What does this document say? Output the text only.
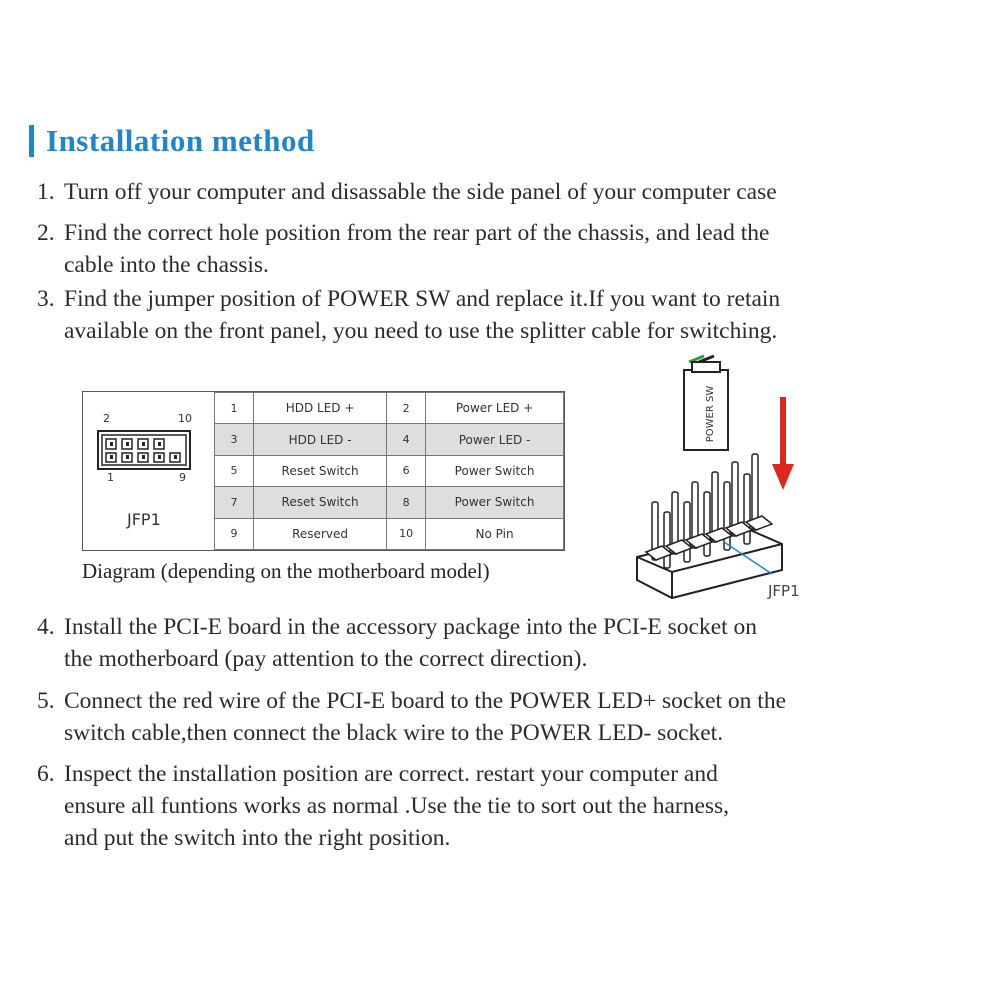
Installation method
1. Turn off your computer and disassable the side panel of your computer case
2. Find the correct hole position from the rear part of the chassis, and lead the
cable into the chassis.
3. Find the jumper position of POWER SW and replace it.If you want to retain
available on the front panel, you need to use the splitter cable for switching.
2	10
1	9
JFP1
1	HDD LED +	2	Power LED +
3	HDD LED -	4	Power LED -
5	Reset Switch	6	Power Switch
7	Reset Switch	8	Power Switch
9	Reserved	10	No Pin
Diagram (depending on the motherboard model)
POWER SW
JFP1
4. Install the PCI-E board in the accessory package into the PCI-E socket on
the motherboard (pay attention to the correct direction).
5. Connect the red wire of the PCI-E board to the POWER LED+ socket on the
switch cable,then connect the black wire to the POWER LED- socket.
6. Inspect the installation position are correct. restart your computer and
ensure all funtions works as normal .Use the tie to sort out the harness,
and put the switch into the right position.
